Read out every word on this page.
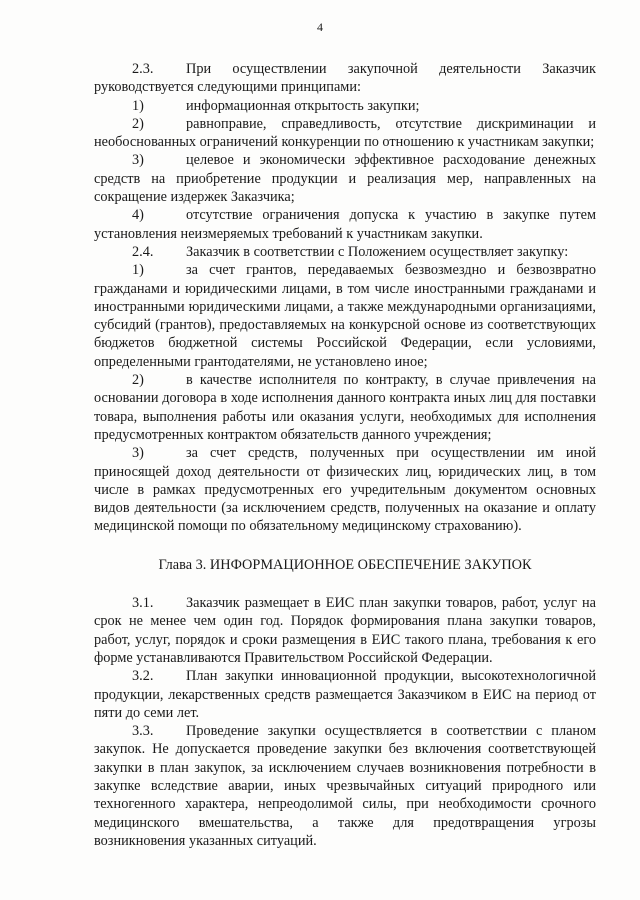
4

2.3. При осуществлении закупочной деятельности Заказчик руководствуется следующими принципами:

1)	информационная открытость закупки;

2)	равноправие, справедливость, отсутствие дискриминации и необоснованных ограничений конкуренции по отношению к участникам закупки;

3)	целевое и экономически эффективное расходование денежных средств на приобретение продукции и реализация мер, направленных на сокращение издержек Заказчика;

4)	отсутствие ограничения допуска к участию в закупке путем установления неизмеряемых требований к участникам закупки.

2.4. Заказчик в соответствии с Положением осуществляет закупку:

1)	за счет грантов, передаваемых безвозмездно и безвозвратно гражданами и юридическими лицами, в том числе иностранными гражданами и иностранными юридическими лицами, а также международными организациями, субсидий (грантов), предоставляемых на конкурсной основе из соответствующих бюджетов бюджетной системы Российской Федерации, если условиями, определенными грантодателями, не установлено иное;

2)	в качестве исполнителя по контракту, в случае привлечения на основании договора в ходе исполнения данного контракта иных лиц для поставки товара, выполнения работы или оказания услуги, необходимых для исполнения предусмотренных контрактом обязательств данного учреждения;

3)	за счет средств, полученных при осуществлении им иной приносящей доход деятельности от физических лиц, юридических лиц, в том числе в рамках предусмотренных его учредительным документом основных видов деятельности (за исключением средств, полученных на оказание и оплату медицинской помощи по обязательному медицинскому страхованию).

Глава 3. ИНФОРМАЦИОННОЕ ОБЕСПЕЧЕНИЕ ЗАКУПОК

3.1. Заказчик размещает в ЕИС план закупки товаров, работ, услуг на срок не менее чем один год. Порядок формирования плана закупки товаров, работ, услуг, порядок и сроки размещения в ЕИС такого плана, требования к его форме устанавливаются Правительством Российской Федерации.

3.2. План закупки инновационной продукции, высокотехнологичной продукции, лекарственных средств размещается Заказчиком в ЕИС на период от пяти до семи лет.

3.3. Проведение закупки осуществляется в соответствии с планом закупок. Не допускается проведение закупки без включения соответствующей закупки в план закупок, за исключением случаев возникновения потребности в закупке вследствие аварии, иных чрезвычайных ситуаций природного или техногенного характера, непреодолимой силы, при необходимости срочного медицинского вмешательства, а также для предотвращения угрозы возникновения указанных ситуаций.
